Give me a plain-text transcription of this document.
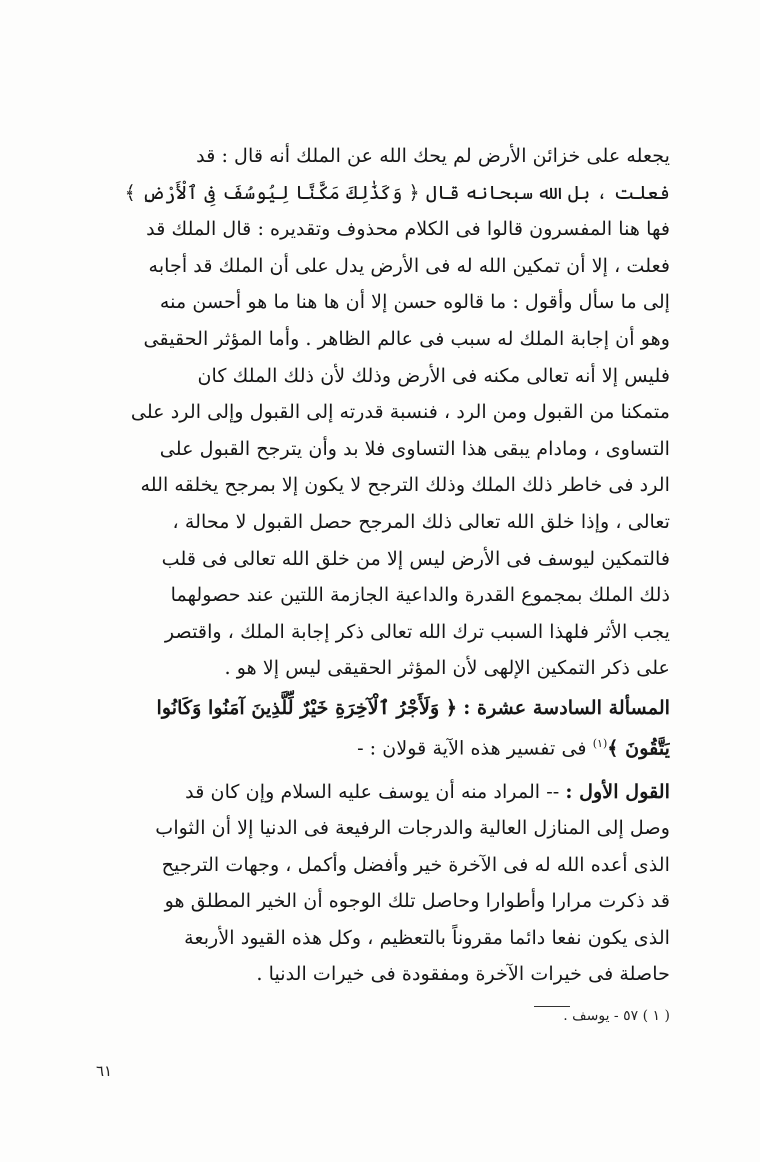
يجعله على خزائن الأرض لم يحك الله عن الملك أنه قال : قد
فعلت ، بل الله سبحانه قال ﴿ وَكَذَٰلِكَ مَكَّنَّا لِيُوسُفَ فِى ٱلْأَرْضِ ﴾
فها هنا المفسرون قالوا فى الكلام محذوف وتقديره : قال الملك قد
فعلت ، إلا أن تمكين الله له فى الأرض يدل على أن الملك قد أجابه
إلى ما سأل وأقول : ما قالوه حسن إلا أن ها هنا ما هو أحسن منه
وهو أن إجابة الملك له سبب فى عالم الظاهر . وأما المؤثر الحقيقى
فليس إلا أنه تعالى مكنه فى الأرض وذلك لأن ذلك الملك كان
متمكنا من القبول ومن الرد ، فنسبة قدرته إلى القبول وإلى الرد على
التساوى ، ومادام يبقى هذا التساوى فلا بد وأن يترجح القبول على
الرد فى خاطر ذلك الملك وذلك الترجح لا يكون إلا بمرجح يخلقه الله
تعالى ، وإذا خلق الله تعالى ذلك المرجح حصل القبول لا محالة ،
فالتمكين ليوسف فى الأرض ليس إلا من خلق الله تعالى فى قلب
ذلك الملك بمجموع القدرة والداعية الجازمة اللتين عند حصولهما
يجب الأثر فلهذا السبب ترك الله تعالى ذكر إجابة الملك ، واقتصر
على ذكر التمكين الإلهى لأن المؤثر الحقيقى ليس إلا هو .
المسألة السادسة عشرة : ﴿ وَلَأَجْرُ ٱلْآخِرَةِ خَيْرٌ لِّلَّذِينَ آمَنُوا وَكَانُوا
يَتَّقُونَ ﴾$^{(١)}$ فى تفسير هذه الآية قولان : -
القول الأول : -- المراد منه أن يوسف عليه السلام وإن كان قد
وصل إلى المنازل العالية والدرجات الرفيعة فى الدنيا إلا أن الثواب
الذى أعده الله له فى الآخرة خير وأفضل وأكمل ، وجهات الترجيح
قد ذكرت مرارا وأطوارا وحاصل تلك الوجوه أن الخير المطلق هو
الذى يكون نفعا دائما مقروناً بالتعظيم ، وكل هذه القيود الأربعة
حاصلة فى خيرات الآخرة ومفقودة فى خيرات الدنيا .
( ١ ) ٥٧ - يوسف .
٦١
